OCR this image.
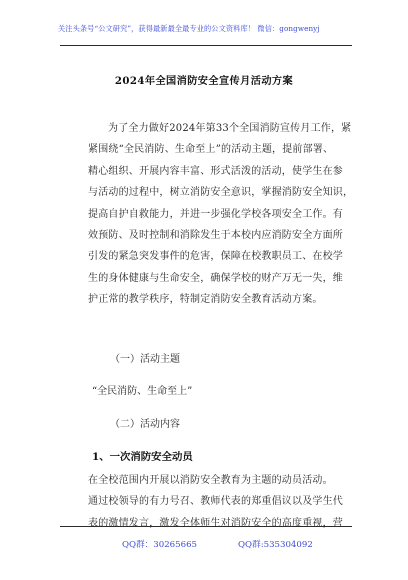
关注头条号“公文研究”，获得最新最全最专业的公文资料库！ 微信：gongwenyj
2024年全国消防安全宣传月活动方案
为了全力做好2024年第33个全国消防宣传月工作，紧
紧围绕“全民消防、生命至上”的活动主题，提前部署、
精心组织、开展内容丰富、形式活泼的活动，使学生在参
与活动的过程中，树立消防安全意识，掌握消防安全知识，
提高自护自救能力，并进一步强化学校各项安全工作。有
效预防、及时控制和消除发生于本校内应消防安全方面所
引发的紧急突发事件的危害，保障在校教职员工、在校学
生的身体健康与生命安全，确保学校的财产万无一失，维
护正常的教学秩序，特制定消防安全教育活动方案。
（一）活动主题
“全民消防、生命至上”
（二）活动内容
1、一次消防安全动员
在全校范围内开展以消防安全教育为主题的动员活动。
通过校领导的有力号召、教师代表的郑重倡议以及学生代
表的激情发言，激发全体师生对消防安全的高度重视，营
QQ群：30265665	QQ群:535304092
